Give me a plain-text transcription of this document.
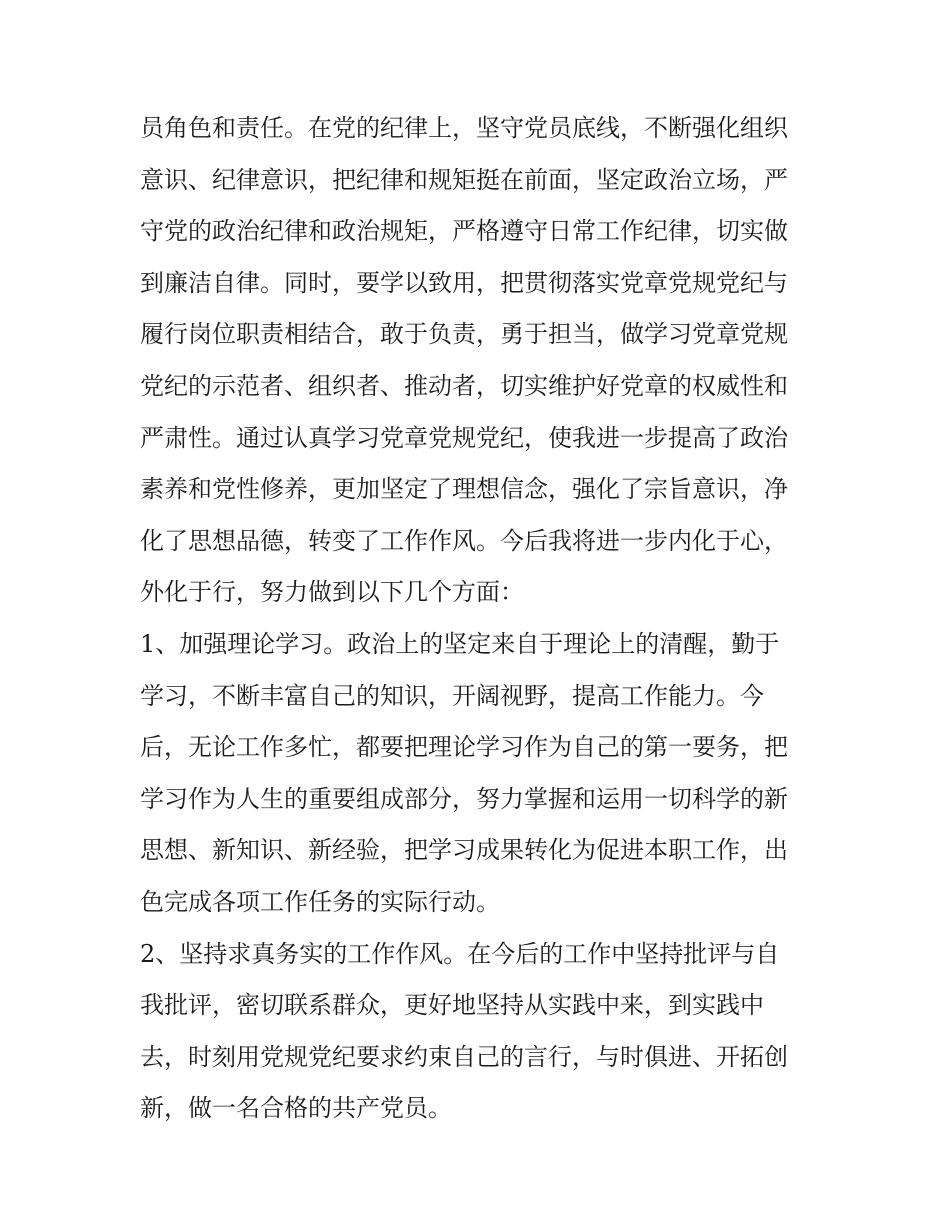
员角色和责任。在党的纪律上，坚守党员底线，不断强化组织
意识、纪律意识，把纪律和规矩挺在前面，坚定政治立场，严
守党的政治纪律和政治规矩，严格遵守日常工作纪律，切实做
到廉洁自律。同时，要学以致用，把贯彻落实党章党规党纪与
履行岗位职责相结合，敢于负责，勇于担当，做学习党章党规
党纪的示范者、组织者、推动者，切实维护好党章的权威性和
严肃性。通过认真学习党章党规党纪，使我进一步提高了政治
素养和党性修养，更加坚定了理想信念，强化了宗旨意识，净
化了思想品德，转变了工作作风。今后我将进一步内化于心，
外化于行，努力做到以下几个方面：
1、加强理论学习。政治上的坚定来自于理论上的清醒，勤于
学习，不断丰富自己的知识，开阔视野，提高工作能力。今
后，无论工作多忙，都要把理论学习作为自己的第一要务，把
学习作为人生的重要组成部分，努力掌握和运用一切科学的新
思想、新知识、新经验，把学习成果转化为促进本职工作，出
色完成各项工作任务的实际行动。
2、坚持求真务实的工作作风。在今后的工作中坚持批评与自
我批评，密切联系群众，更好地坚持从实践中来，到实践中
去，时刻用党规党纪要求约束自己的言行，与时俱进、开拓创
新，做一名合格的共产党员。
